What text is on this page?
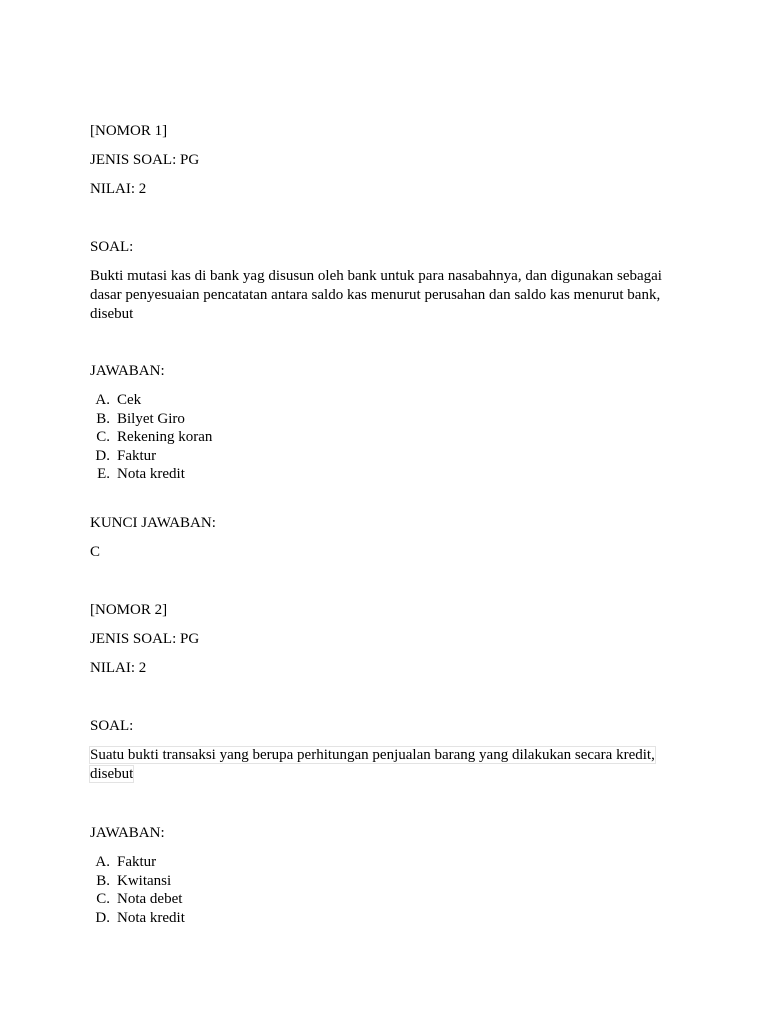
[NOMOR 1]
JENIS SOAL: PG
NILAI: 2
SOAL:
Bukti mutasi kas di bank yag disusun oleh bank untuk para nasabahnya, dan digunakan sebagai dasar penyesuaian pencatatan antara saldo kas menurut perusahan dan saldo kas menurut bank, disebut
JAWABAN:
A. Cek
B. Bilyet Giro
C. Rekening koran
D. Faktur
E. Nota kredit
KUNCI JAWABAN:
C
[NOMOR 2]
JENIS SOAL: PG
NILAI: 2
SOAL:
Suatu bukti transaksi yang berupa perhitungan penjualan barang yang dilakukan secara kredit, disebut
JAWABAN:
A. Faktur
B. Kwitansi
C. Nota debet
D. Nota kredit
